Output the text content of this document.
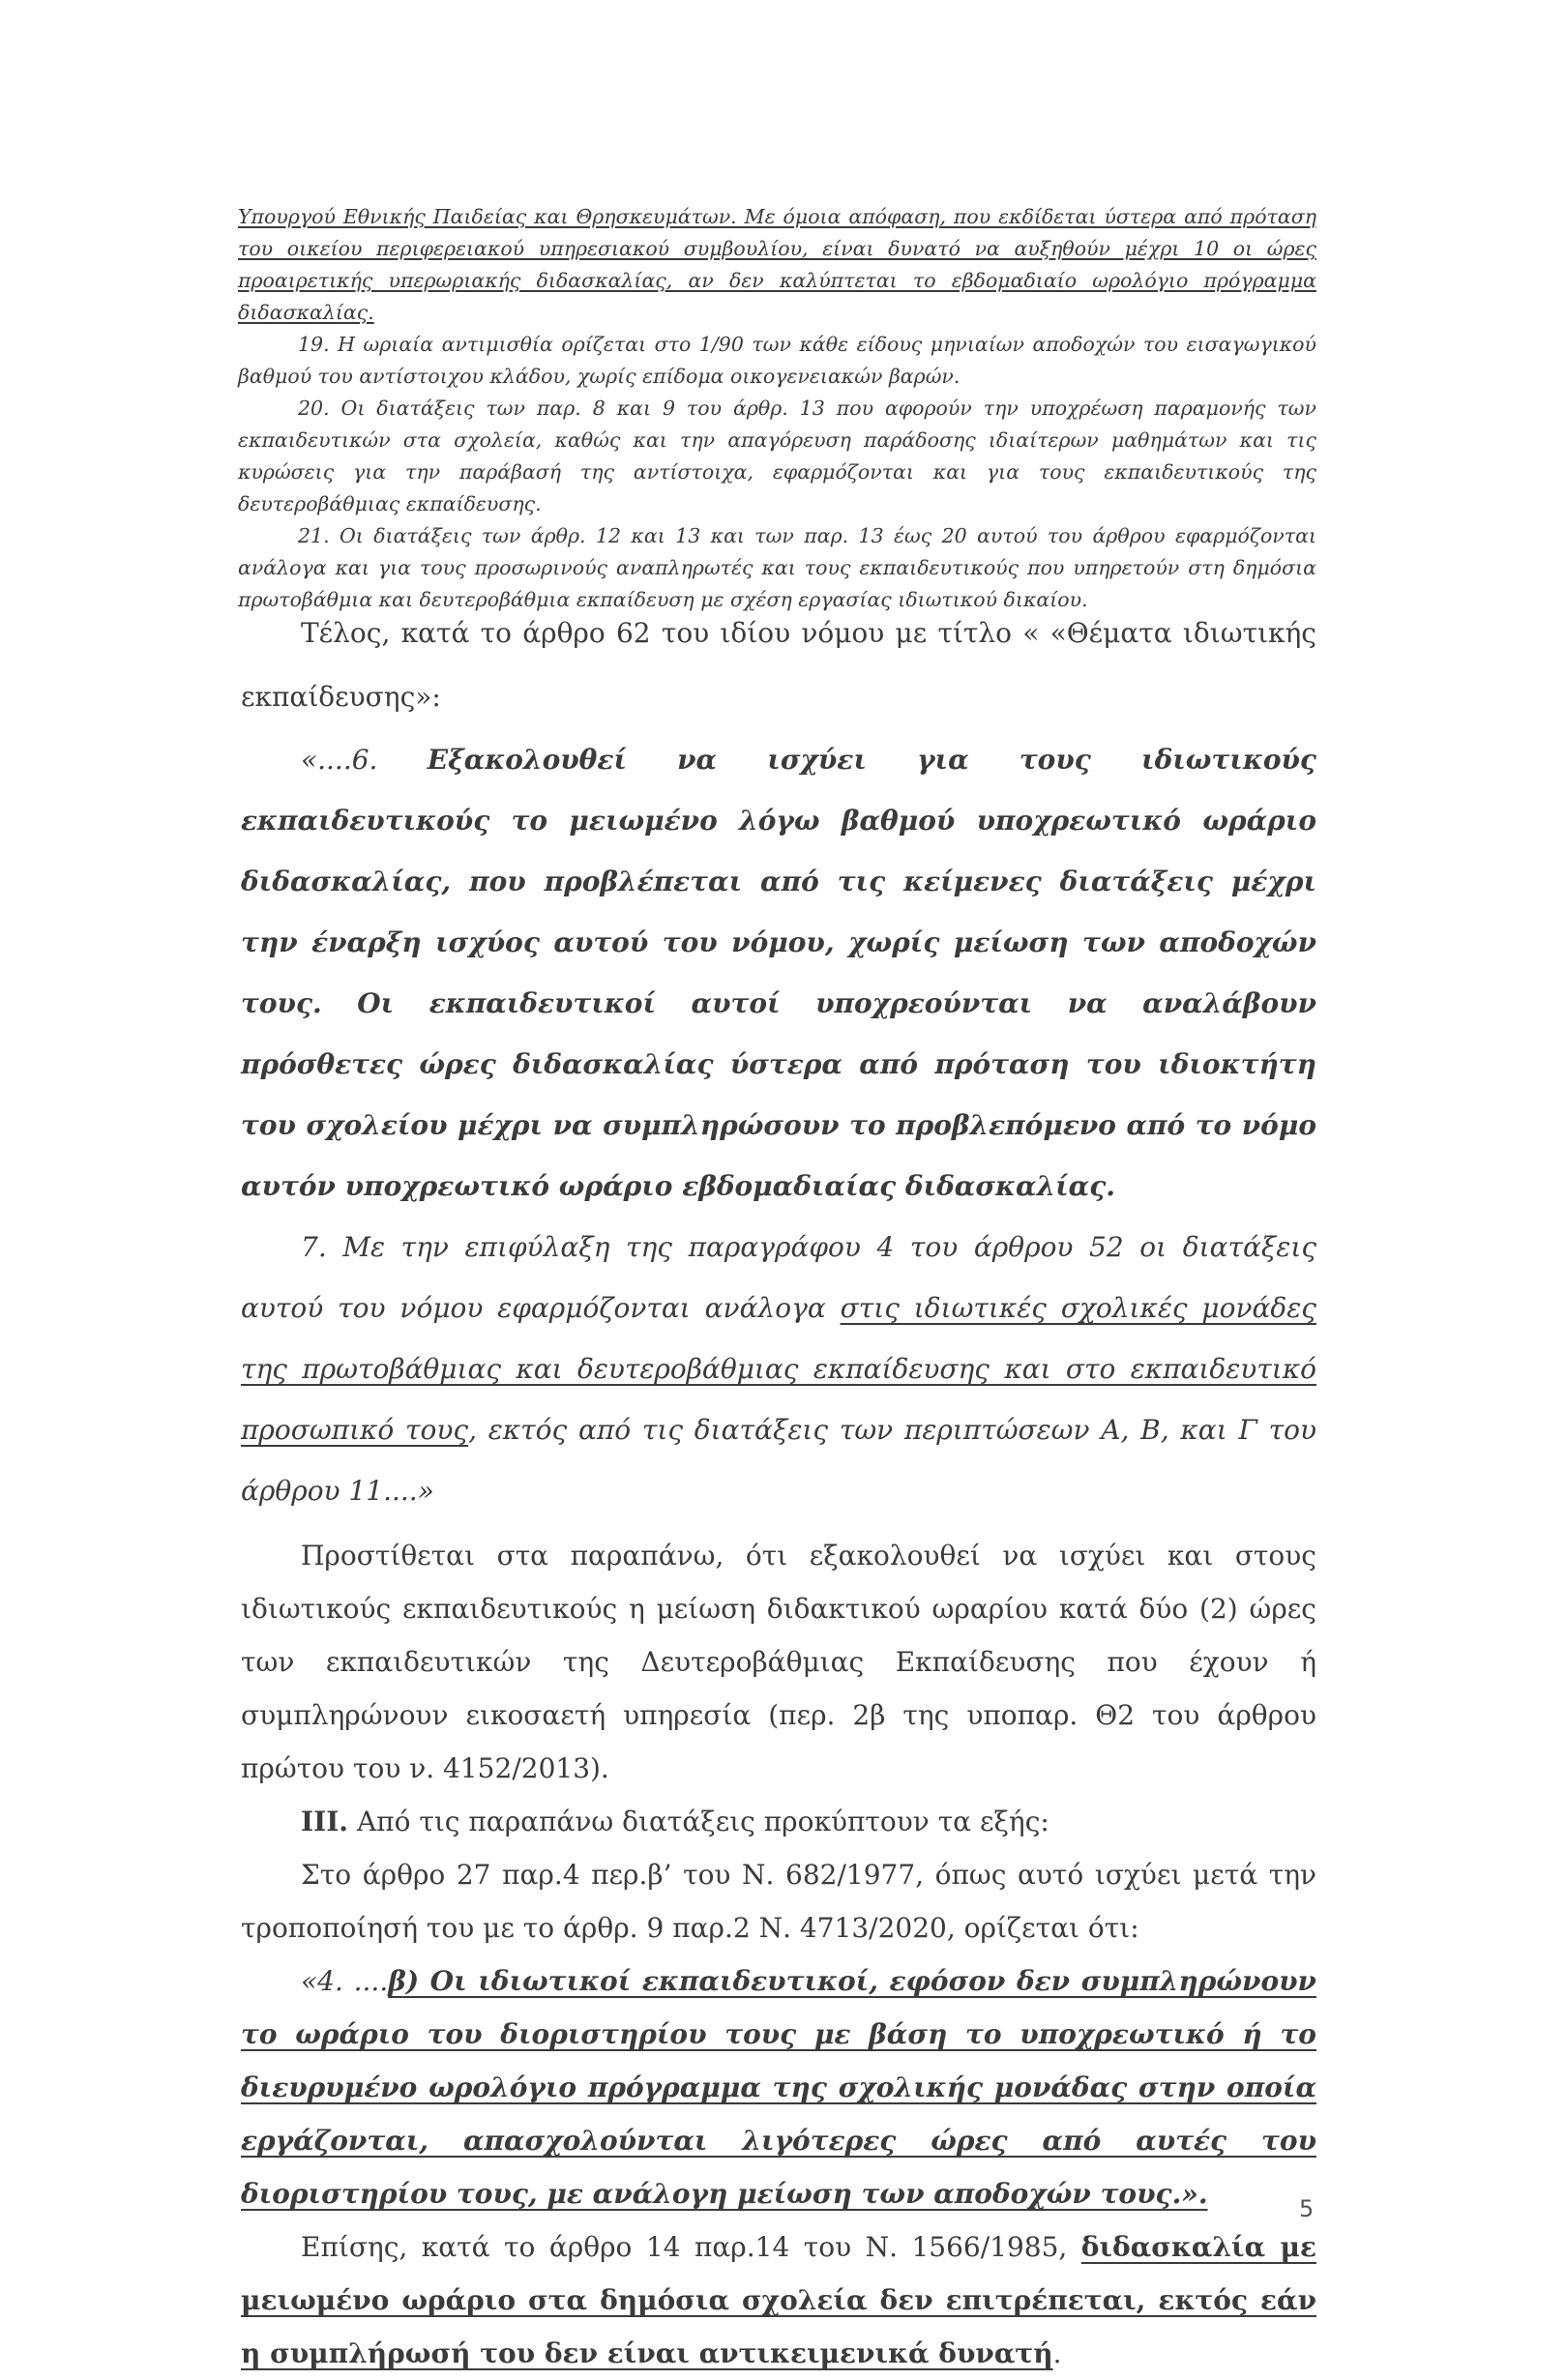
Υπουργού Εθνικής Παιδείας και Θρησκευμάτων. Με όμοια απόφαση, που εκδίδεται ύστερα από πρόταση του οικείου περιφερειακού υπηρεσιακού συμβουλίου, είναι δυνατό να αυξηθούν μέχρι 10 οι ώρες προαιρετικής υπερωριακής διδασκαλίας, αν δεν καλύπτεται το εβδομαδιαίο ωρολόγιο πρόγραμμα διδασκαλίας.

19. Η ωριαία αντιμισθία ορίζεται στο 1/90 των κάθε είδους μηνιαίων αποδοχών του εισαγωγικού βαθμού του αντίστοιχου κλάδου, χωρίς επίδομα οικογενειακών βαρών.

20. Οι διατάξεις των παρ. 8 και 9 του άρθρ. 13 που αφορούν την υποχρέωση παραμονής των εκπαιδευτικών στα σχολεία, καθώς και την απαγόρευση παράδοσης ιδιαίτερων μαθημάτων και τις κυρώσεις για την παράβασή της αντίστοιχα, εφαρμόζονται και για τους εκπαιδευτικούς της δευτεροβάθμιας εκπαίδευσης.

21. Οι διατάξεις των άρθρ. 12 και 13 και των παρ. 13 έως 20 αυτού του άρθρου εφαρμόζονται ανάλογα και για τους προσωρινούς αναπληρωτές και τους εκπαιδευτικούς που υπηρετούν στη δημόσια πρωτοβάθμια και δευτεροβάθμια εκπαίδευση με σχέση εργασίας ιδιωτικού δικαίου.

Τέλος, κατά το άρθρο 62 του ιδίου νόμου με τίτλο « «Θέματα ιδιωτικής εκπαίδευσης»:

«....6. Εξακολουθεί να ισχύει για τους ιδιωτικούς εκπαιδευτικούς το μειωμένο λόγω βαθμού υποχρεωτικό ωράριο διδασκαλίας, που προβλέπεται από τις κείμενες διατάξεις μέχρι την έναρξη ισχύος αυτού του νόμου, χωρίς μείωση των αποδοχών τους. Οι εκπαιδευτικοί αυτοί υποχρεούνται να αναλάβουν πρόσθετες ώρες διδασκαλίας ύστερα από πρόταση του ιδιοκτήτη του σχολείου μέχρι να συμπληρώσουν το προβλεπόμενο από το νόμο αυτόν υποχρεωτικό ωράριο εβδομαδιαίας διδασκαλίας.

7. Με την επιφύλαξη της παραγράφου 4 του άρθρου 52 οι διατάξεις αυτού του νόμου εφαρμόζονται ανάλογα στις ιδιωτικές σχολικές μονάδες της πρωτοβάθμιας και δευτεροβάθμιας εκπαίδευσης και στο εκπαιδευτικό προσωπικό τους, εκτός από τις διατάξεις των περιπτώσεων Α, Β, και Γ του άρθρου 11....»

Προστίθεται στα παραπάνω, ότι εξακολουθεί να ισχύει και στους ιδιωτικούς εκπαιδευτικούς η μείωση διδακτικού ωραρίου κατά δύο (2) ώρες των εκπαιδευτικών της Δευτεροβάθμιας Εκπαίδευσης που έχουν ή συμπληρώνουν εικοσαετή υπηρεσία (περ. 2β της υποπαρ. Θ2 του άρθρου πρώτου του ν. 4152/2013).

III. Από τις παραπάνω διατάξεις προκύπτουν τα εξής:

Στο άρθρο 27 παρ.4 περ.β’ του Ν. 682/1977, όπως αυτό ισχύει μετά την τροποποίησή του με το άρθρ. 9 παρ.2 Ν. 4713/2020, ορίζεται ότι:

«4. ....β) Οι ιδιωτικοί εκπαιδευτικοί, εφόσον δεν συμπληρώνουν το ωράριο του διοριστηρίου τους με βάση το υποχρεωτικό ή το διευρυμένο ωρολόγιο πρόγραμμα της σχολικής μονάδας στην οποία εργάζονται, απασχολούνται λιγότερες ώρες από αυτές του διοριστηρίου τους, με ανάλογη μείωση των αποδοχών τους.».

Επίσης, κατά το άρθρο 14 παρ.14 του Ν. 1566/1985, διδασκαλία με μειωμένο ωράριο στα δημόσια σχολεία δεν επιτρέπεται, εκτός εάν η συμπλήρωσή του δεν είναι αντικειμενικά δυνατή.

5
